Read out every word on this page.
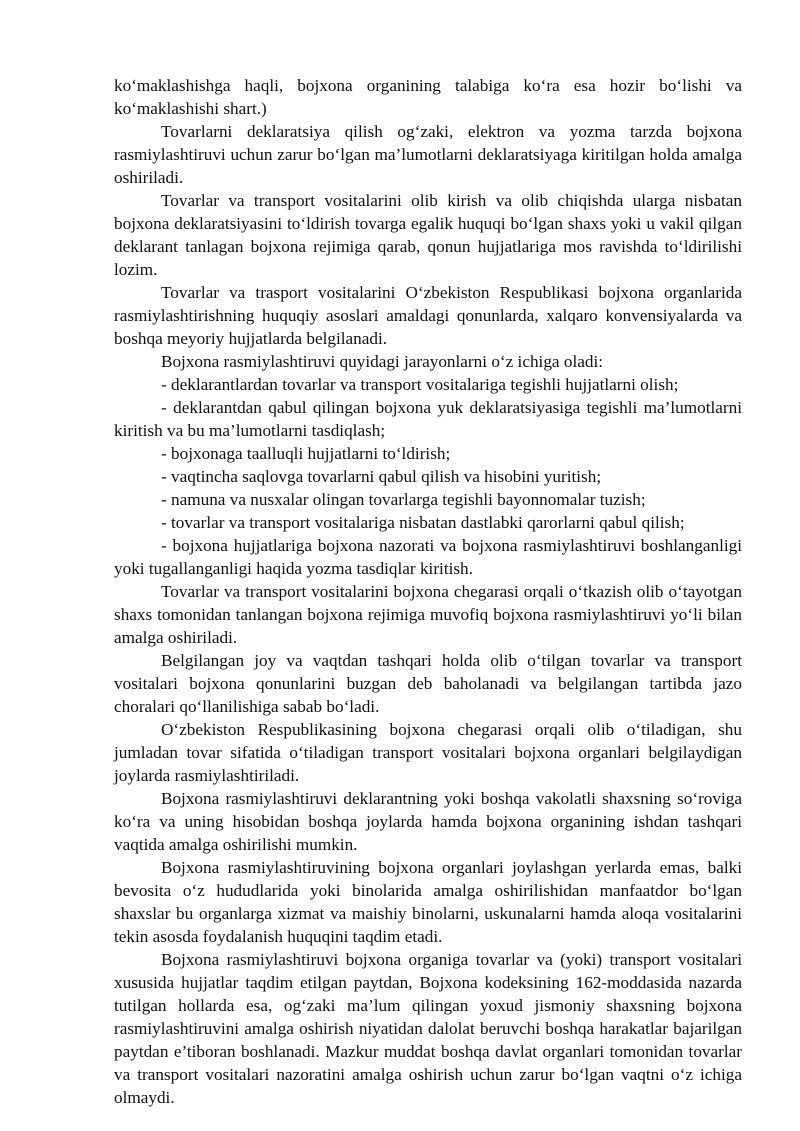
ko‘maklashishga haqli, bojxona organining talabiga ko‘ra esa hozir bo‘lishi va ko‘maklashishi shart.)

Tovarlarni deklaratsiya qilish og‘zaki, elektron va yozma tarzda bojxona rasmiylashtiruvi uchun zarur bo‘lgan ma’lumotlarni deklaratsiyaga kiritilgan holda amalga oshiriladi.

Tovarlar va transport vositalarini olib kirish va olib chiqishda ularga nisbatan bojxona deklaratsiyasini to‘ldirish tovarga egalik huquqi bo‘lgan shaxs yoki u vakil qilgan deklarant tanlagan bojxona rejimiga qarab, qonun hujjatlariga mos ravishda to‘ldirilishi lozim.

Tovarlar va trasport vositalarini O‘zbekiston Respublikasi bojxona organlarida rasmiylashtirishning huquqiy asoslari amaldagi qonunlarda, xalqaro konvensiyalarda va boshqa meyoriy hujjatlarda belgilanadi.

Bojxona rasmiylashtiruvi quyidagi jarayonlarni o‘z ichiga oladi:

- deklarantlardan tovarlar va transport vositalariga tegishli hujjatlarni olish;

- deklarantdan qabul qilingan bojxona yuk deklaratsiyasiga tegishli ma’lumotlarni kiritish va bu ma’lumotlarni tasdiqlash;

- bojxonaga taalluqli hujjatlarni to‘ldirish;

- vaqtincha saqlovga tovarlarni qabul qilish va hisobini yuritish;

- namuna va nusxalar olingan tovarlarga tegishli bayonnomalar tuzish;

- tovarlar va transport vositalariga nisbatan dastlabki qarorlarni qabul qilish;

- bojxona hujjatlariga bojxona nazorati va bojxona rasmiylashtiruvi boshlanganligi yoki tugallanganligi haqida yozma tasdiqlar kiritish.

Tovarlar va transport vositalarini bojxona chegarasi orqali o‘tkazish olib o‘tayotgan shaxs tomonidan tanlangan bojxona rejimiga muvofiq bojxona rasmiylashtiruvi yo‘li bilan amalga oshiriladi.

Belgilangan joy va vaqtdan tashqari holda olib o‘tilgan tovarlar va transport vositalari bojxona qonunlarini buzgan deb baholanadi va belgilangan tartibda jazo choralari qo‘llanilishiga sabab bo‘ladi.

O‘zbekiston Respublikasining bojxona chegarasi orqali olib o‘tiladigan, shu jumladan tovar sifatida o‘tiladigan transport vositalari bojxona organlari belgilaydigan joylarda rasmiylashtiriladi.

Bojxona rasmiylashtiruvi deklarantning yoki boshqa vakolatli shaxsning so‘roviga ko‘ra va uning hisobidan boshqa joylarda hamda bojxona organining ishdan tashqari vaqtida amalga oshirilishi mumkin.

Bojxona rasmiylashtiruvining bojxona organlari joylashgan yerlarda emas, balki bevosita o‘z hududlarida yoki binolarida amalga oshirilishidan manfaatdor bo‘lgan shaxslar bu organlarga xizmat va maishiy binolarni, uskunalarni hamda aloqa vositalarini tekin asosda foydalanish huquqini taqdim etadi.

Bojxona rasmiylashtiruvi bojxona organiga tovarlar va (yoki) transport vositalari xususida hujjatlar taqdim etilgan paytdan, Bojxona kodeksining 162-moddasida nazarda tutilgan hollarda esa, og‘zaki ma’lum qilingan yoxud jismoniy shaxsning bojxona rasmiylashtiruvini amalga oshirish niyatidan dalolat beruvchi boshqa harakatlar bajarilgan paytdan e’tiboran boshlanadi. Mazkur muddat boshqa davlat organlari tomonidan tovarlar va transport vositalari nazoratini amalga oshirish uchun zarur bo‘lgan vaqtni o‘z ichiga olmaydi.
